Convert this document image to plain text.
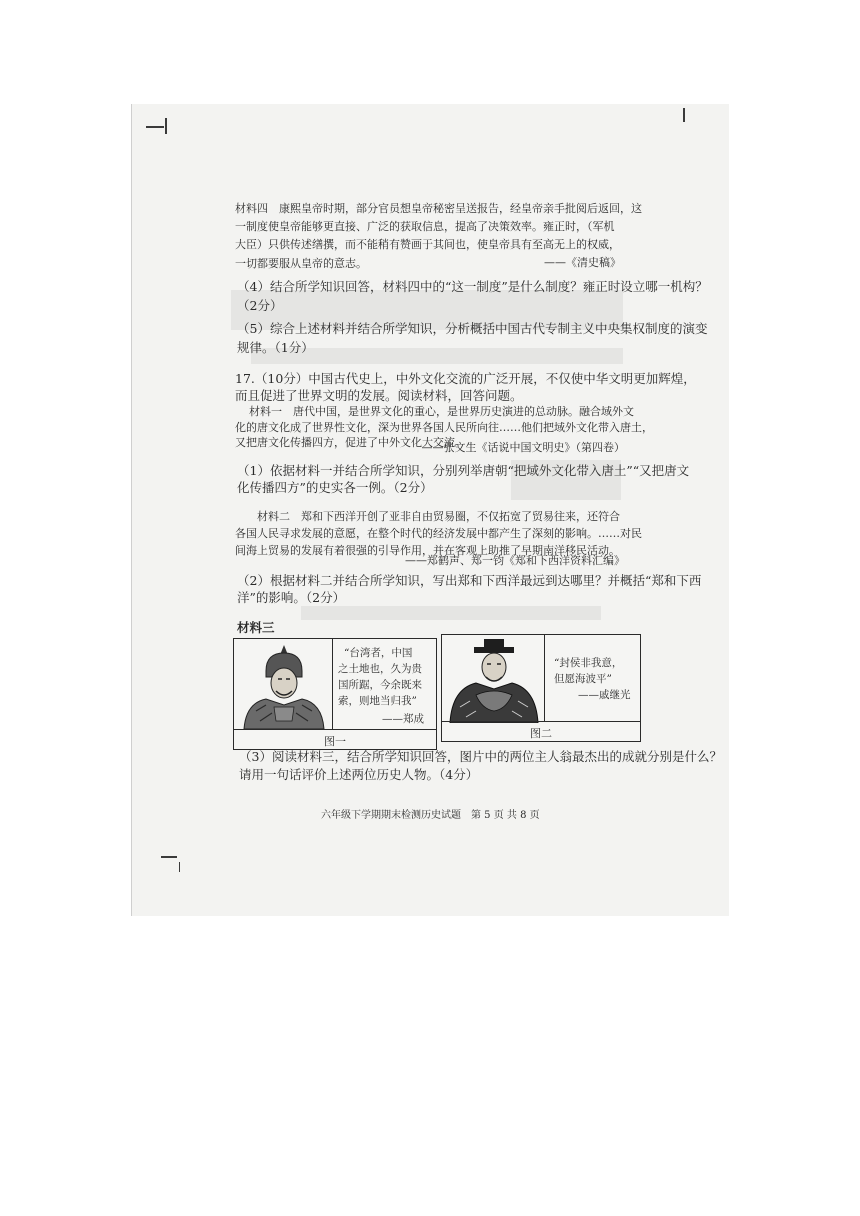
材料四　康熙皇帝时期，部分官员想皇帝秘密呈送报告，经皇帝亲手批阅后返回，这
一制度使皇帝能够更直接、广泛的获取信息，提高了决策效率。雍正时，（军机
大臣）只供传述缮撰，而不能稍有赞画于其间也，使皇帝具有至高无上的权威，
一切都要服从皇帝的意志。	——《清史稿》
（4）结合所学知识回答，材料四中的“这一制度”是什么制度？雍正时设立哪一机构？
（2分）
（5）综合上述材料并结合所学知识，分析概括中国古代专制主义中央集权制度的演变
规律。（1分）
17.（10分）中国古代史上，中外文化交流的广泛开展，不仅使中华文明更加辉煌，
而且促进了世界文明的发展。阅读材料，回答问题。
材料一　唐代中国，是世界文化的重心，是世界历史演进的总动脉。融合域外文
化的唐文化成了世界性文化，深为世界各国人民所向往……他们把域外文化带入唐土，
又把唐文化传播四方，促进了中外文化大交流。
——张文生《话说中国文明史》（第四卷）
（1）依据材料一并结合所学知识，分别列举唐朝“把域外文化带入唐土”“又把唐文
化传播四方”的史实各一例。（2分）
材料二　郑和下西洋开创了亚非自由贸易圈，不仅拓宽了贸易往来，还符合
各国人民寻求发展的意愿，在整个时代的经济发展中都产生了深刻的影响。……对民
间海上贸易的发展有着很强的引导作用，并在客观上助推了早期南洋移民活动。
——郑鹤声、郑一钧《郑和下西洋资料汇编》
（2）根据材料二并结合所学知识，写出郑和下西洋最远到达哪里？并概括“郑和下西
洋”的影响。（2分）
材料三
“台湾者，中国
之土地也，久为贵
国所踞，今余既来
索，则地当归我”
——郑成
图一
“封侯非我意，
但愿海波平”
——戚继光
图二
（3）阅读材料三，结合所学知识回答，图片中的两位主人翁最杰出的成就分别是什么？
请用一句话评价上述两位历史人物。（4分）
六年级下学期期末检测历史试题　第 5 页 共 8 页
